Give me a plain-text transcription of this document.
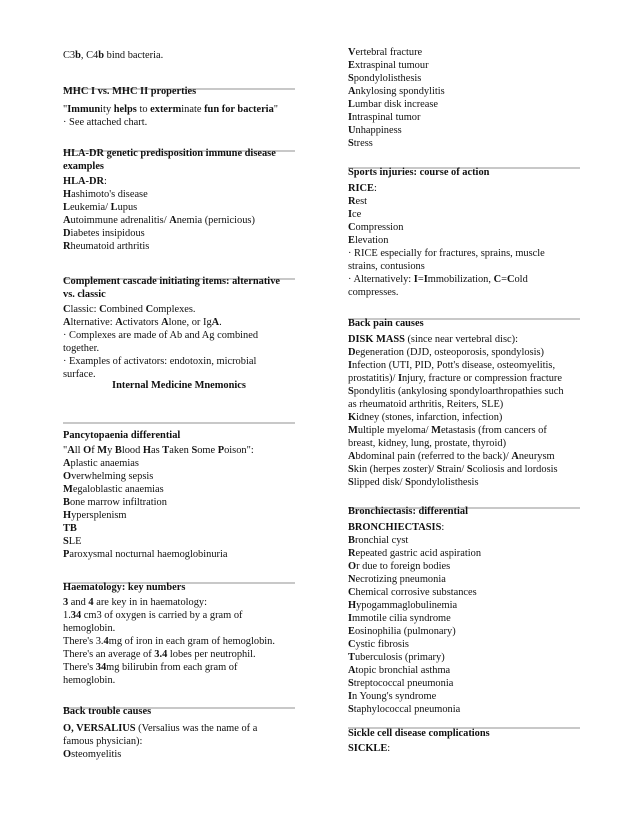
C3b, C4b bind bacteria.
MHC I vs. MHC II properties
"Immunity helps to exterminate fun for bacteria"
· See attached chart.
HLA-DR genetic predisposition immune disease
examples
HLA-DR:
Hashimoto's disease
Leukemia/ Lupus
Autoimmune adrenalitis/ Anemia (pernicious)
Diabetes insipidous
Rheumatoid arthritis
Complement cascade initiating items: alternative
vs. classic
Classic: Combined Complexes.
Alternative: Activators Alone, or IgA.
· Complexes are made of Ab and Ag combined
together.
· Examples of activators: endotoxin, microbial
surface.
Internal Medicine Mnemonics
Pancytopaenia differential
"All Of My Blood Has Taken Some Poison":
Aplastic anaemias
Overwhelming sepsis
Megaloblastic anaemias
Bone marrow infiltration
Hypersplenism
TB
SLE
Paroxysmal nocturnal haemoglobinuria
Haematology: key numbers
3 and 4 are key in in haematology:
1.34 cm3 of oxygen is carried by a gram of
hemoglobin.
There's 3.4mg of iron in each gram of hemoglobin.
There's an average of 3.4 lobes per neutrophil.
There's 34mg bilirubin from each gram of
hemoglobin.
Back trouble causes
O, VERSALIUS (Versalius was the name of a
famous physician):
Osteomyelitis
Vertebral fracture
Extraspinal tumour
Spondylolisthesis
Ankylosing spondylitis
Lumbar disk increase
Intraspinal tumor
Unhappiness
Stress
Sports injuries: course of action
RICE:
Rest
Ice
Compression
Elevation
· RICE especially for fractures, sprains, muscle
strains, contusions
· Alternatively: I=Immobilization, C=Cold
compresses.
Back pain causes
DISK MASS (since near vertebral disc):
Degeneration (DJD, osteoporosis, spondylosis)
Infection (UTI, PID, Pott's disease, osteomyelitis,
prostatitis)/ Injury, fracture or compression fracture
Spondylitis (ankylosing spondyloarthropathies such
as rheumatoid arthritis, Reiters, SLE)
Kidney (stones, infarction, infection)
Multiple myeloma/ Metastasis (from cancers of
breast, kidney, lung, prostate, thyroid)
Abdominal pain (referred to the back)/ Aneurysm
Skin (herpes zoster)/ Strain/ Scoliosis and lordosis
Slipped disk/ Spondylolisthesis
Bronchiectasis: differential
BRONCHIECTASIS:
Bronchial cyst
Repeated gastric acid aspiration
Or due to foreign bodies
Necrotizing pneumonia
Chemical corrosive substances
Hypogammaglobulinemia
Immotile cilia syndrome
Eosinophilia (pulmonary)
Cystic fibrosis
Tuberculosis (primary)
Atopic bronchial asthma
Streptococcal pneumonia
In Young's syndrome
Staphylococcal pneumonia
Sickle cell disease complications
SICKLE:
